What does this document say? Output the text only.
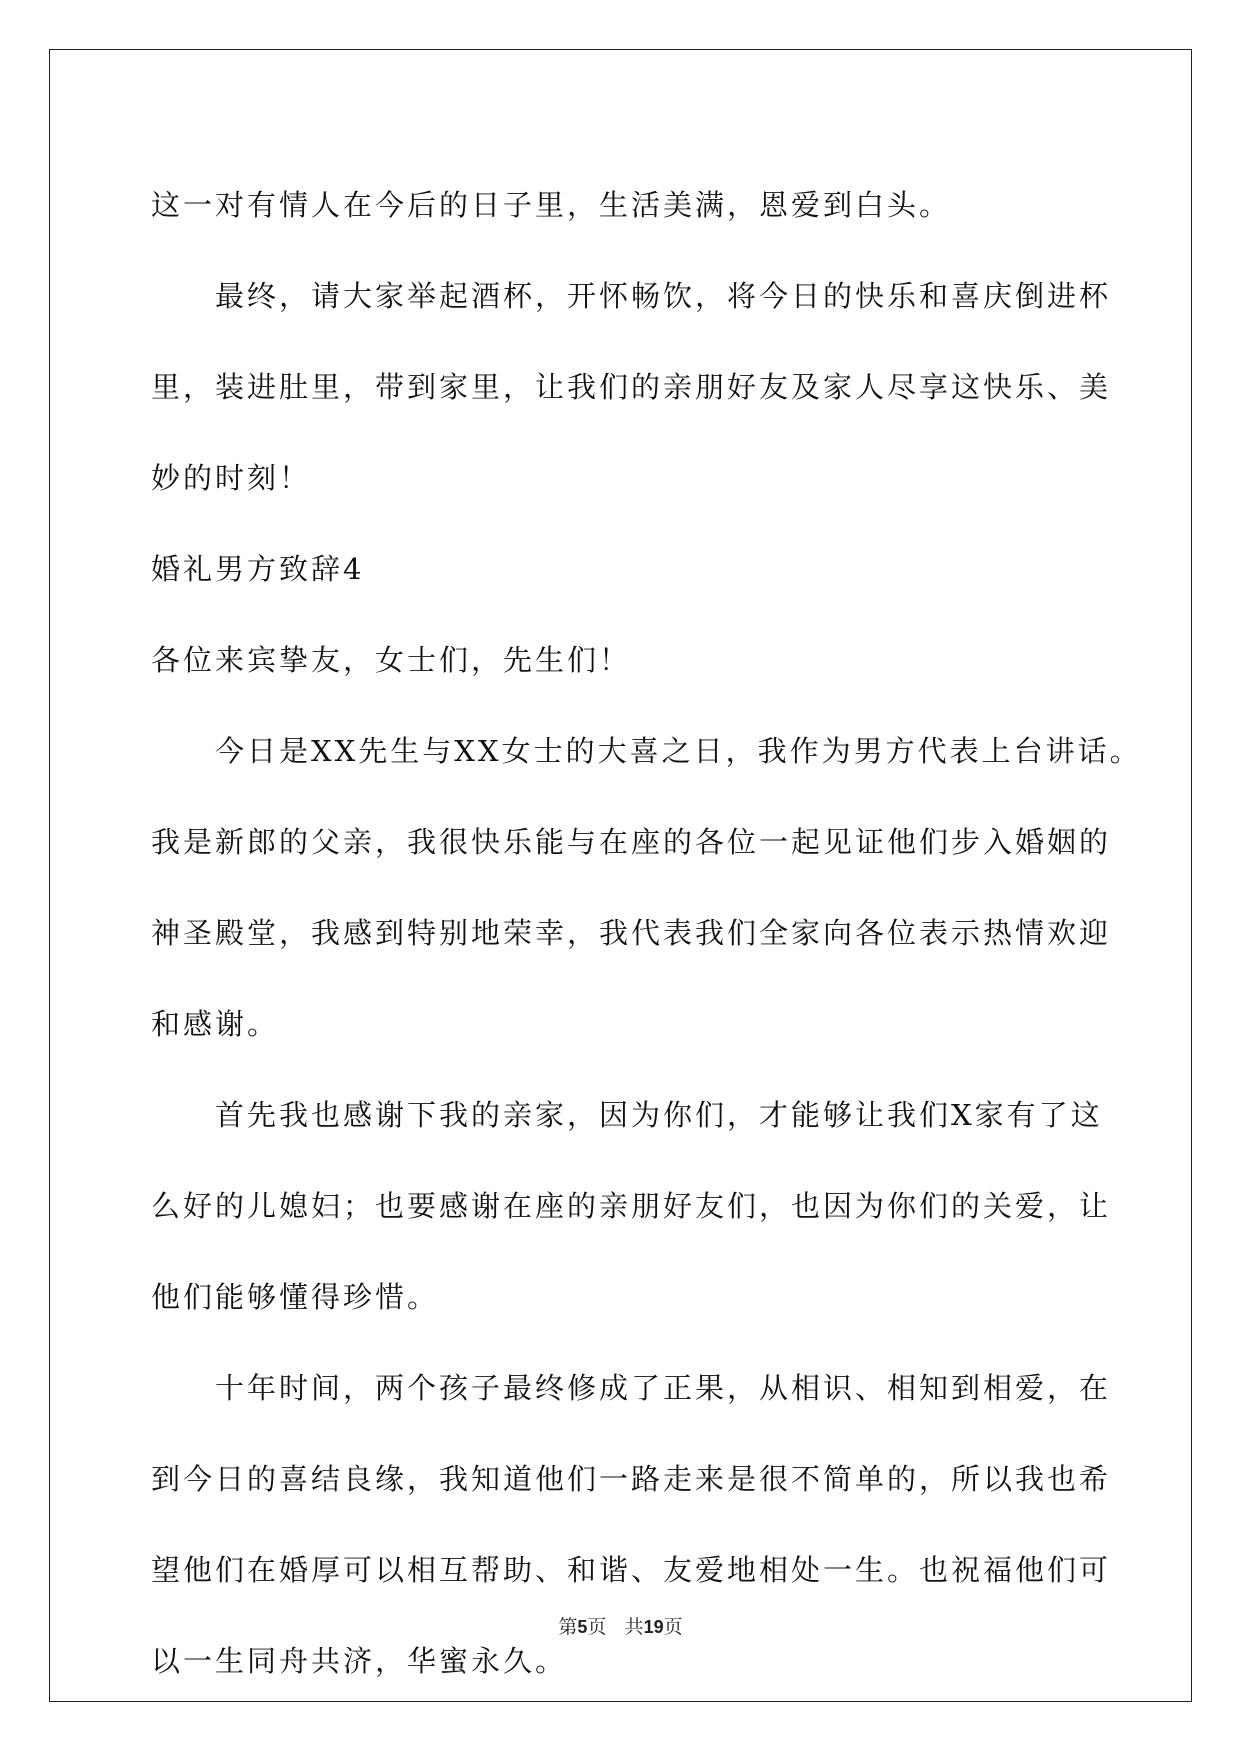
这一对有情人在今后的日子里，生活美满，恩爱到白头。

最终，请大家举起酒杯，开怀畅饮，将今日的快乐和喜庆倒进杯

里，装进肚里，带到家里，让我们的亲朋好友及家人尽享这快乐、美

妙的时刻！

婚礼男方致辞4

各位来宾挚友，女士们，先生们！

今日是XX先生与XX女士的大喜之日，我作为男方代表上台讲话。

我是新郎的父亲，我很快乐能与在座的各位一起见证他们步入婚姻的

神圣殿堂，我感到特别地荣幸，我代表我们全家向各位表示热情欢迎

和感谢。

首先我也感谢下我的亲家，因为你们，才能够让我们X家有了这

么好的儿媳妇；也要感谢在座的亲朋好友们，也因为你们的关爱，让

他们能够懂得珍惜。

十年时间，两个孩子最终修成了正果，从相识、相知到相爱，在

到今日的喜结良缘，我知道他们一路走来是很不简单的，所以我也希

望他们在婚厚可以相互帮助、和谐、友爱地相处一生。也祝福他们可

以一生同舟共济，华蜜永久。

第5页 共19页
